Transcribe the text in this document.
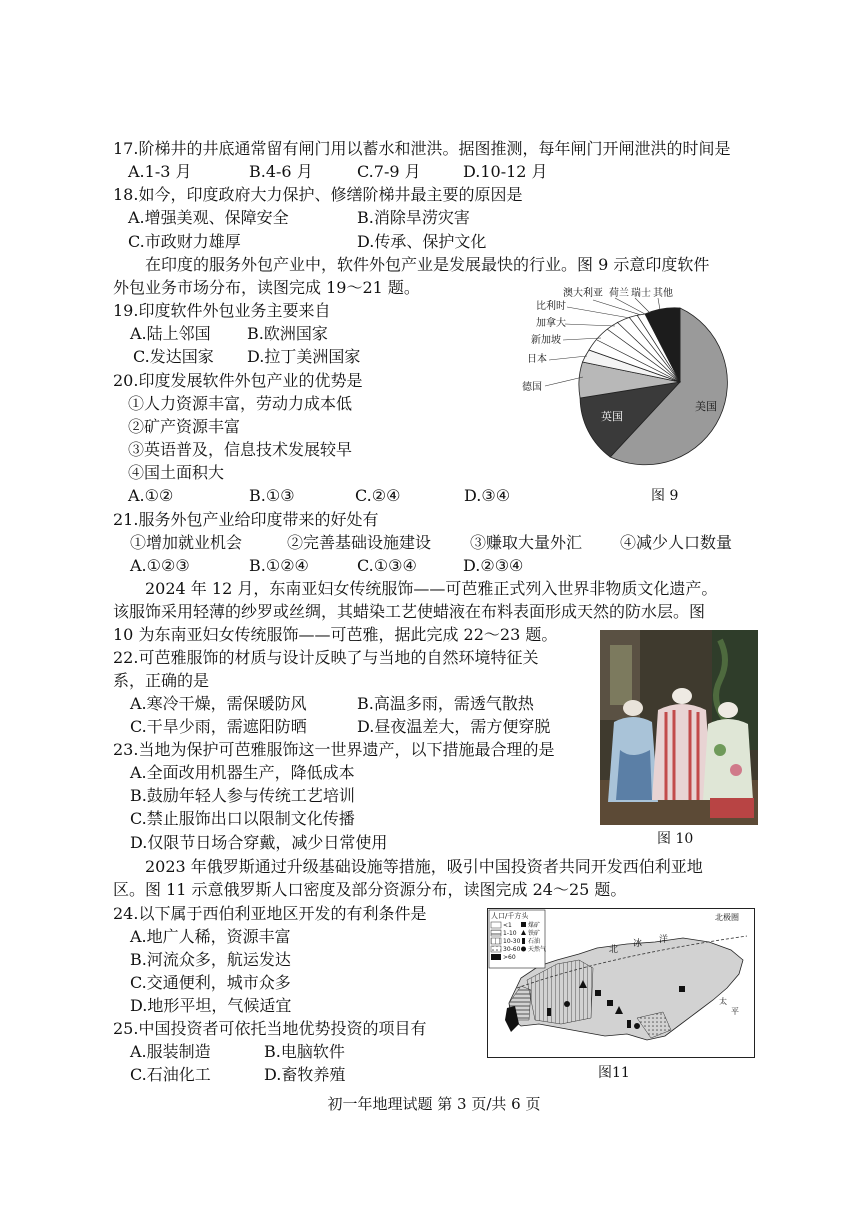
17.阶梯井的井底通常留有闸门用以蓄水和泄洪。据图推测，每年闸门开闸泄洪的时间是
A.1-3 月	B.4-6 月	C.7-9 月	D.10-12 月
18.如今，印度政府大力保护、修缮阶梯井最主要的原因是
A.增强美观、保障安全	B.消除旱涝灾害
C.市政财力雄厚	D.传承、保护文化
在印度的服务外包产业中，软件外包产业是发展最快的行业。图 9 示意印度软件
外包业务市场分布，读图完成 19～21 题。
19.印度软件外包业务主要来自
A.陆上邻国 B.欧洲国家
C.发达国家 D.拉丁美洲国家
20.印度发展软件外包产业的优势是
①人力资源丰富，劳动力成本低
②矿产资源丰富
③英语普及，信息技术发展较早
④国土面积大
A.①②	B.①③	C.②④	D.③④
澳大利亚 荷兰 瑞士 其他
比利时
加拿大
新加坡
日本
德国
英国
美国
图 9
21.服务外包产业给印度带来的好处有
①增加就业机会	②完善基础设施建设 ③赚取大量外汇 ④减少人口数量
A.①②③	B.①②④	C.①③④	D.②③④
2024 年 12 月，东南亚妇女传统服饰——可芭雅正式列入世界非物质文化遗产。
该服饰采用轻薄的纱罗或丝绸，其蜡染工艺使蜡液在布料表面形成天然的防水层。图
10 为东南亚妇女传统服饰——可芭雅，据此完成 22～23 题。
图 10
22.可芭雅服饰的材质与设计反映了与当地的自然环境特征关
系，正确的是
A.寒冷干燥，需保暖防风	B.高温多雨，需透气散热
C.干旱少雨，需遮阳防晒	D.昼夜温差大，需方便穿脱
23.当地为保护可芭雅服饰这一世界遗产，以下措施最合理的是
A.全面改用机器生产，降低成本
B.鼓励年轻人参与传统工艺培训
C.禁止服饰出口以限制文化传播
D.仅限节日场合穿戴，减少日常使用
2023 年俄罗斯通过升级基础设施等措施，吸引中国投资者共同开发西伯利亚地
区。图 11 示意俄罗斯人口密度及部分资源分布，读图完成 24～25 题。
24.以下属于西伯利亚地区开发的有利条件是
A.地广人稀，资源丰富
B.河流众多，航运发达
C.交通便利，城市众多
D.地形平坦，气候适宜
25.中国投资者可依托当地优势投资的项目有
A.服装制造	B.电脑软件
C.石油化工	D.畜牧养殖
人口/千方头
<1
1-10
10-30
30-60
>60
煤矿
铁矿
石油
天然气
北极圈
北
冰 洋
太
平
图11
初一年地理试题 第 3 页/共 6 页
